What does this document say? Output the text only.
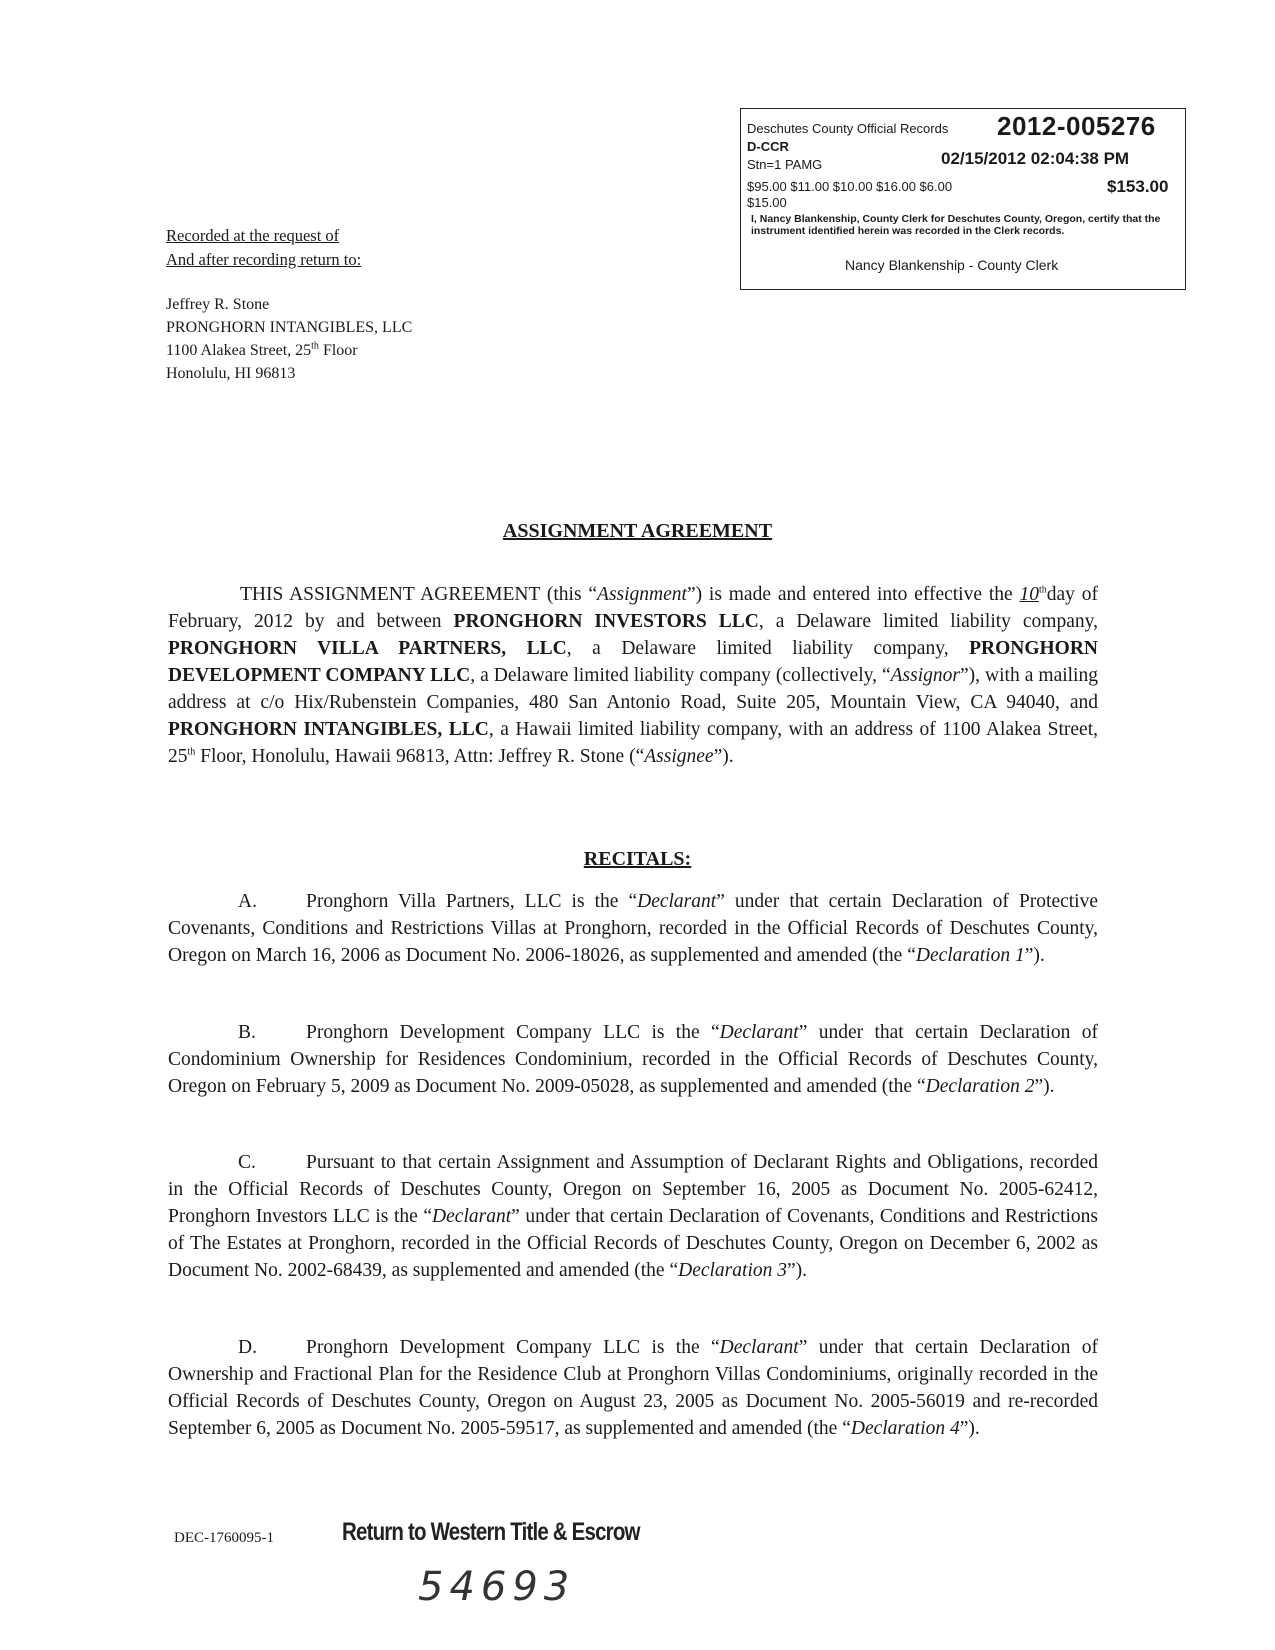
Deschutes County Official Records 2012-005276
D-CCR
Stn=1 PAMG	02/15/2012 02:04:38 PM
$95.00 $11.00 $10.00 $16.00 $6.00	$153.00
$15.00
I, Nancy Blankenship, County Clerk for Deschutes County, Oregon, certify that the instrument identified herein was recorded in the Clerk records.
Nancy Blankenship - County Clerk
Recorded at the request of
And after recording return to:
Jeffrey R. Stone
PRONGHORN INTANGIBLES, LLC
1100 Alakea Street, 25th Floor
Honolulu, HI 96813
ASSIGNMENT AGREEMENT
THIS ASSIGNMENT AGREEMENT (this “Assignment”) is made and entered into effective the 10thday of February, 2012 by and between PRONGHORN INVESTORS LLC, a Delaware limited liability company, PRONGHORN VILLA PARTNERS, LLC, a Delaware limited liability company, PRONGHORN DEVELOPMENT COMPANY LLC, a Delaware limited liability company (collectively, “Assignor”), with a mailing address at c/o Hix/Rubenstein Companies, 480 San Antonio Road, Suite 205, Mountain View, CA 94040, and PRONGHORN INTANGIBLES, LLC, a Hawaii limited liability company, with an address of 1100 Alakea Street, 25th Floor, Honolulu, Hawaii 96813, Attn: Jeffrey R. Stone (“Assignee”).
RECITALS:
A.	Pronghorn Villa Partners, LLC is the “Declarant” under that certain Declaration of Protective Covenants, Conditions and Restrictions Villas at Pronghorn, recorded in the Official Records of Deschutes County, Oregon on March 16, 2006 as Document No. 2006-18026, as supplemented and amended (the “Declaration 1”).
B.	Pronghorn Development Company LLC is the “Declarant” under that certain Declaration of Condominium Ownership for Residences Condominium, recorded in the Official Records of Deschutes County, Oregon on February 5, 2009 as Document No. 2009-05028, as supplemented and amended (the “Declaration 2”).
C.	Pursuant to that certain Assignment and Assumption of Declarant Rights and Obligations, recorded in the Official Records of Deschutes County, Oregon on September 16, 2005 as Document No. 2005-62412, Pronghorn Investors LLC is the “Declarant” under that certain Declaration of Covenants, Conditions and Restrictions of The Estates at Pronghorn, recorded in the Official Records of Deschutes County, Oregon on December 6, 2002 as Document No. 2002-68439, as supplemented and amended (the “Declaration 3”).
D.	Pronghorn Development Company LLC is the “Declarant” under that certain Declaration of Ownership and Fractional Plan for the Residence Club at Pronghorn Villas Condominiums, originally recorded in the Official Records of Deschutes County, Oregon on August 23, 2005 as Document No. 2005-56019 and re-recorded September 6, 2005 as Document No. 2005-59517, as supplemented and amended (the “Declaration 4”).
DEC-1760095-1	Return to Western Title & Escrow
54693
